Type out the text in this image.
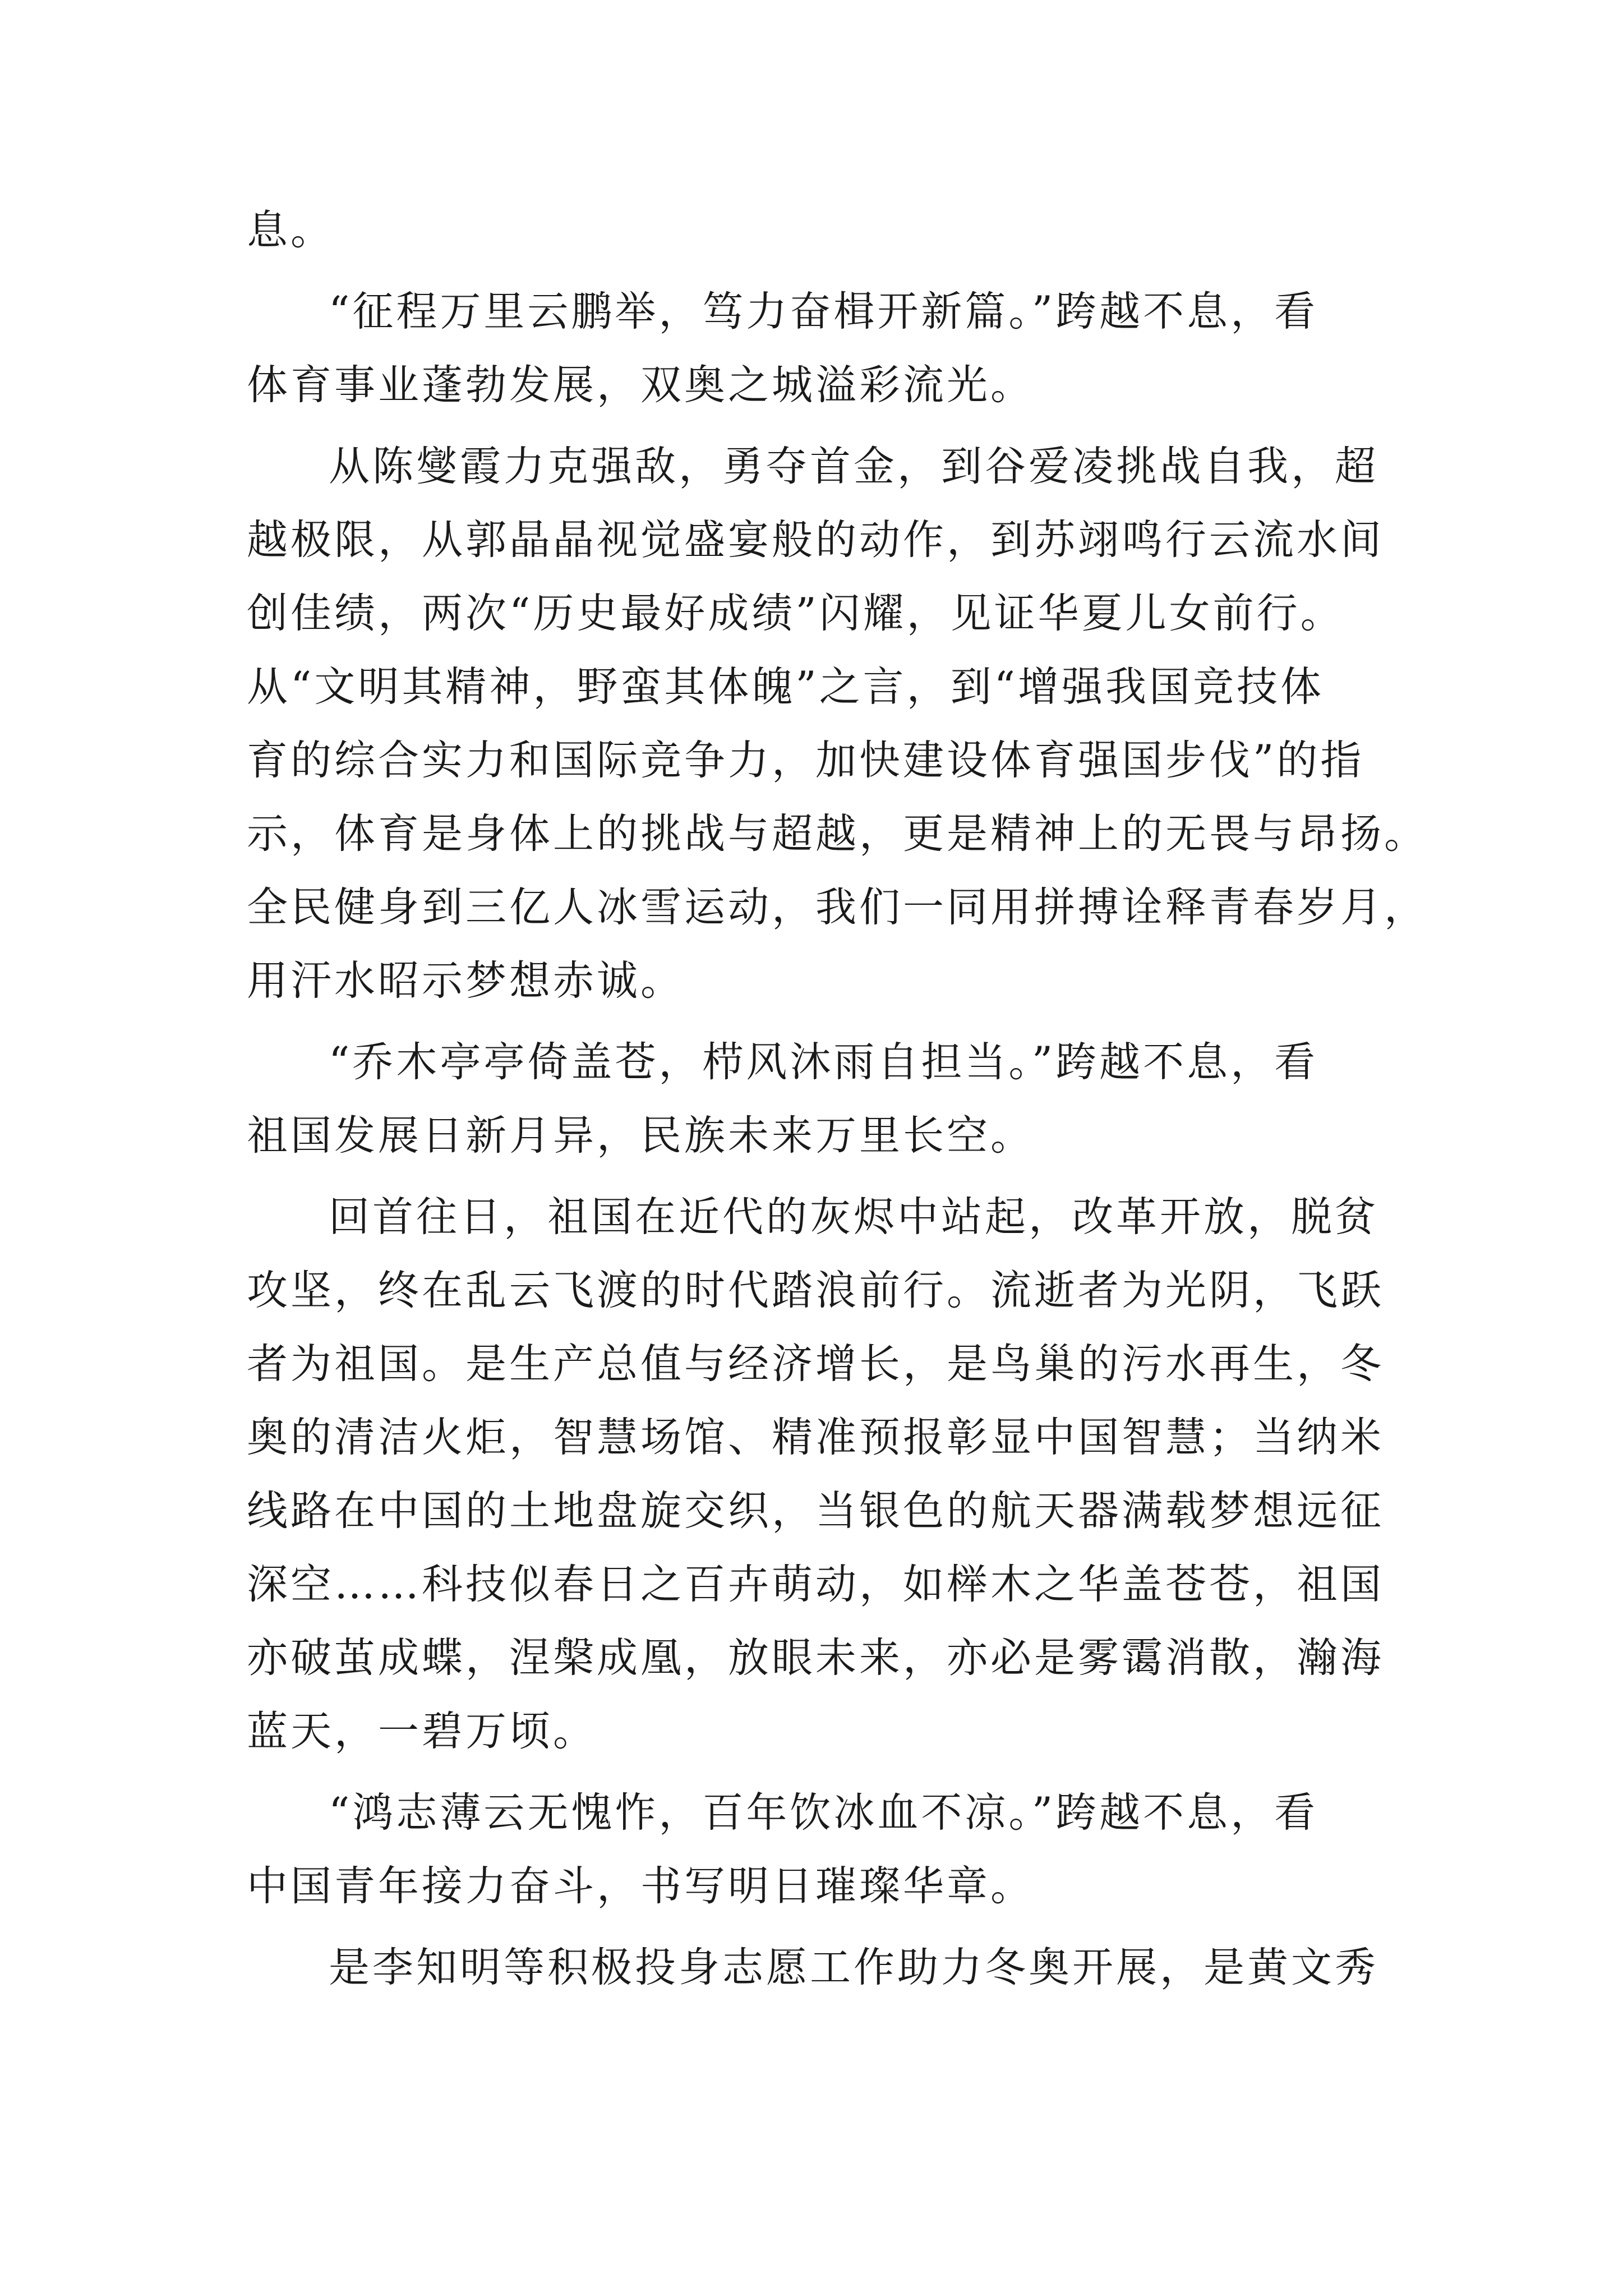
息。
“征程万里云鹏举，笃力奋楫开新篇。”跨越不息，看
体育事业蓬勃发展，双奥之城溢彩流光。
从陈燮霞力克强敌，勇夺首金，到谷爱凌挑战自我，超
越极限，从郭晶晶视觉盛宴般的动作，到苏翊鸣行云流水间
创佳绩，两次“历史最好成绩”闪耀，见证华夏儿女前行。
从“文明其精神，野蛮其体魄”之言，到“增强我国竞技体
育的综合实力和国际竞争力，加快建设体育强国步伐”的指
示，体育是身体上的挑战与超越，更是精神上的无畏与昂扬。
全民健身到三亿人冰雪运动，我们一同用拼搏诠释青春岁月，
用汗水昭示梦想赤诚。
“乔木亭亭倚盖苍，栉风沐雨自担当。”跨越不息，看
祖国发展日新月异，民族未来万里长空。
回首往日，祖国在近代的灰烬中站起，改革开放，脱贫
攻坚，终在乱云飞渡的时代踏浪前行。流逝者为光阴，飞跃
者为祖国。是生产总值与经济增长，是鸟巢的污水再生，冬
奥的清洁火炬，智慧场馆、精准预报彰显中国智慧；当纳米
线路在中国的土地盘旋交织，当银色的航天器满载梦想远征
深空……科技似春日之百卉萌动，如榉木之华盖苍苍，祖国
亦破茧成蝶，涅槃成凰，放眼未来，亦必是雾霭消散，瀚海
蓝天，一碧万顷。
“鸿志薄云无愧怍，百年饮冰血不凉。”跨越不息，看
中国青年接力奋斗，书写明日璀璨华章。
是李知明等积极投身志愿工作助力冬奥开展，是黄文秀
